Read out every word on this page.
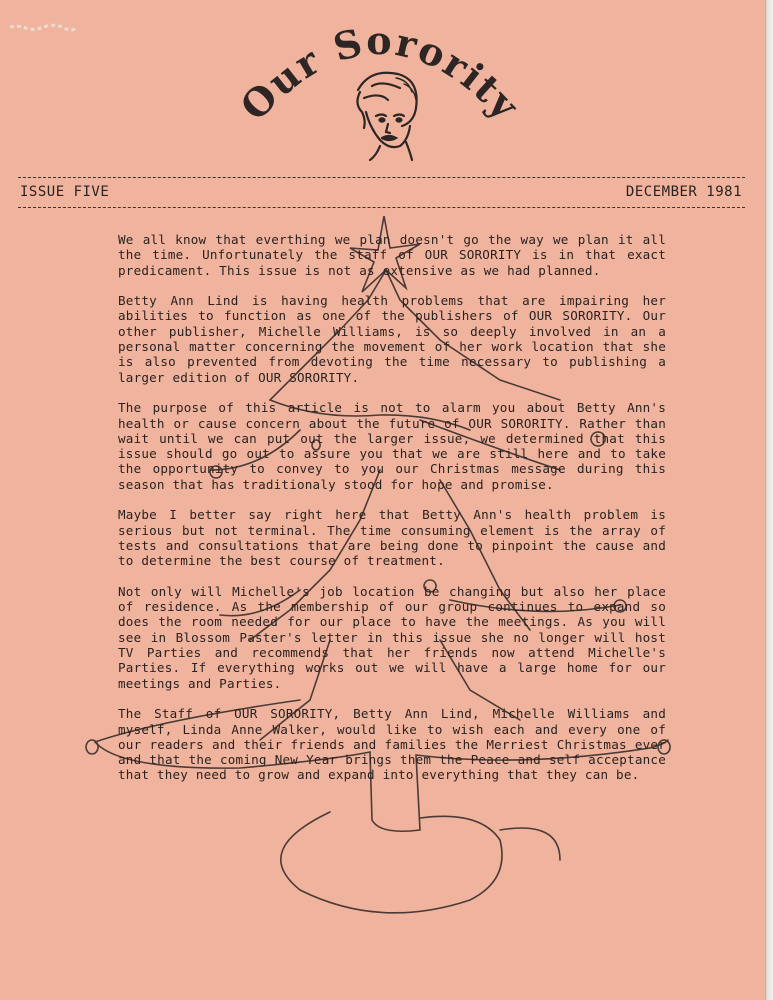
Our Sorority
ISSUE FIVE	DECEMBER 1981

We all know that everthing we plan doesn't go the way we plan it all the time. Unfortunately the staff of OUR SORORITY is in that exact predicament. This issue is not as extensive as we had planned.

Betty Ann Lind is having health problems that are impairing her abilities to function as one of the publishers of OUR SORORITY. Our other publisher, Michelle Williams, is so deeply involved in an a personal matter concerning the movement of her work location that she is also prevented from devoting the time necessary to publishing a larger edition of OUR SORORITY.

The purpose of this article is not to alarm you about Betty Ann's health or cause concern about the future of OUR SORORITY. Rather than wait until we can put out the larger issue, we determined that this issue should go out to assure you that we are still here and to take the opportunity to convey to you our Christmas message during this season that has traditionaly stood for hope and promise.

Maybe I better say right here that Betty Ann's health problem is serious but not terminal. The time consuming element is the array of tests and consultations that are being done to pinpoint the cause and to determine the best course of treatment.

Not only will Michelle's job location be changing but also her place of residence. As the membership of our group continues to expand so does the room needed for our place to have the meetings. As you will see in Blossom Paster's letter in this issue she no longer will host TV Parties and recommends that her friends now attend Michelle's Parties. If everything works out we will have a large home for our meetings and Parties.

The Staff of OUR SORORITY, Betty Ann Lind, Michelle Williams and myself, Linda Anne Walker, would like to wish each and every one of our readers and their friends and families the Merriest Christmas ever and that the coming New Year brings them the Peace and self acceptance that they need to grow and expand into everything that they can be.
